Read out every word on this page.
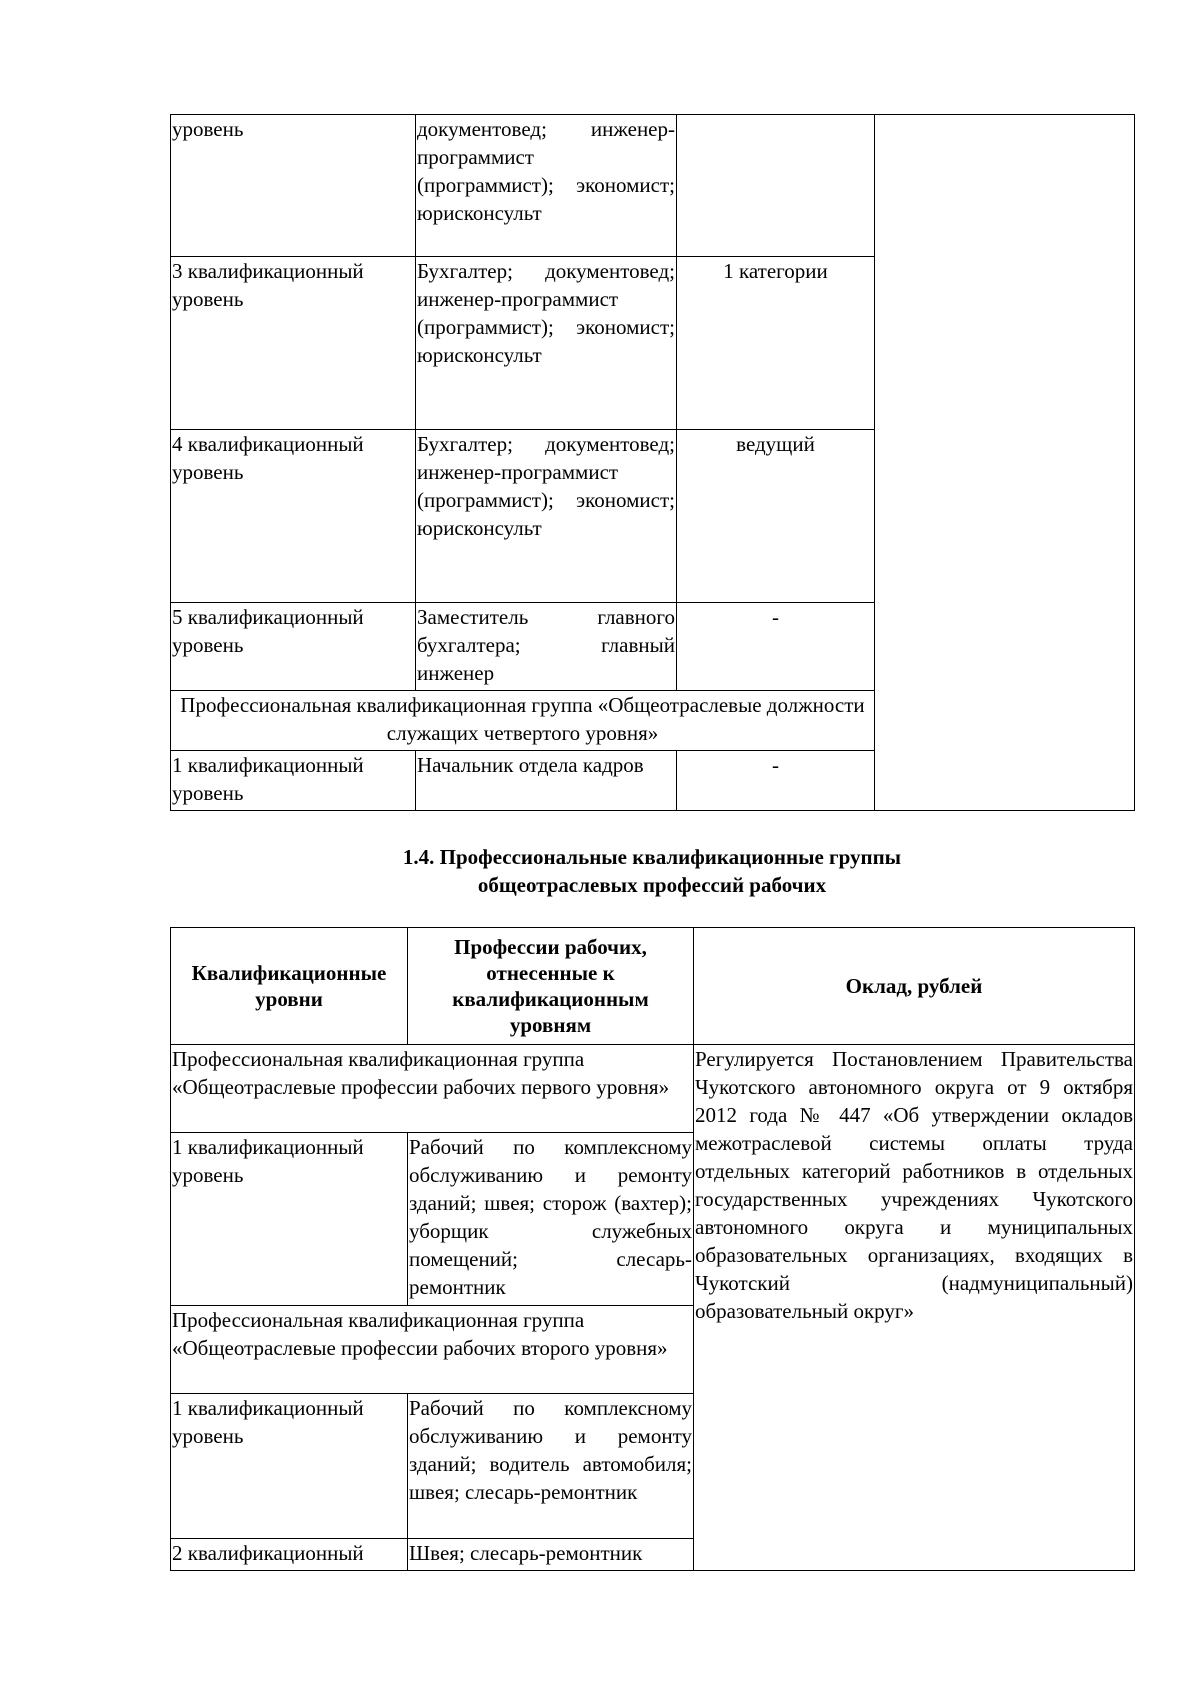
уровень	документовед; инженер-программист (программист); экономист; юрисконсульт		
3 квалификационный уровень	Бухгалтер; документовед; инженер-программист (программист); экономист; юрисконсульт	1 категории	
4 квалификационный уровень	Бухгалтер; документовед; инженер-программист (программист); экономист; юрисконсульт	ведущий	
5 квалификационный уровень	Заместитель главного бухгалтера; главный инженер	-	
Профессиональная квалификационная группа «Общеотраслевые должности служащих четвертого уровня»			
1 квалификационный уровень	Начальник отдела кадров	-	
1.4. Профессиональные квалификационные группы
общеотраслевых профессий рабочих
Квалификационные уровни	Профессии рабочих, отнесенные к квалификационным уровням	Оклад, рублей
Профессиональная квалификационная группа «Общеотраслевые профессии рабочих первого уровня»		Регулируется Постановлением Правительства Чукотского автономного округа от 9 октября 2012 года № 447 «Об утверждении окладов межотраслевой системы оплаты труда отдельных категорий работников в отдельных государственных учреждениях Чукотского автономного округа и муниципальных образовательных организациях, входящих в Чукотский (надмуниципальный) образовательный округ»
1 квалификационный уровень	Рабочий по комплексному обслуживанию и ремонту зданий; швея; сторож (вахтер); уборщик служебных помещений; слесарь-ремонтник	
Профессиональная квалификационная группа «Общеотраслевые профессии рабочих второго уровня»		
1 квалификационный уровень	Рабочий по комплексному обслуживанию и ремонту зданий; водитель автомобиля; швея; слесарь-ремонтник	
2 квалификационный	Швея; слесарь-ремонтник	
